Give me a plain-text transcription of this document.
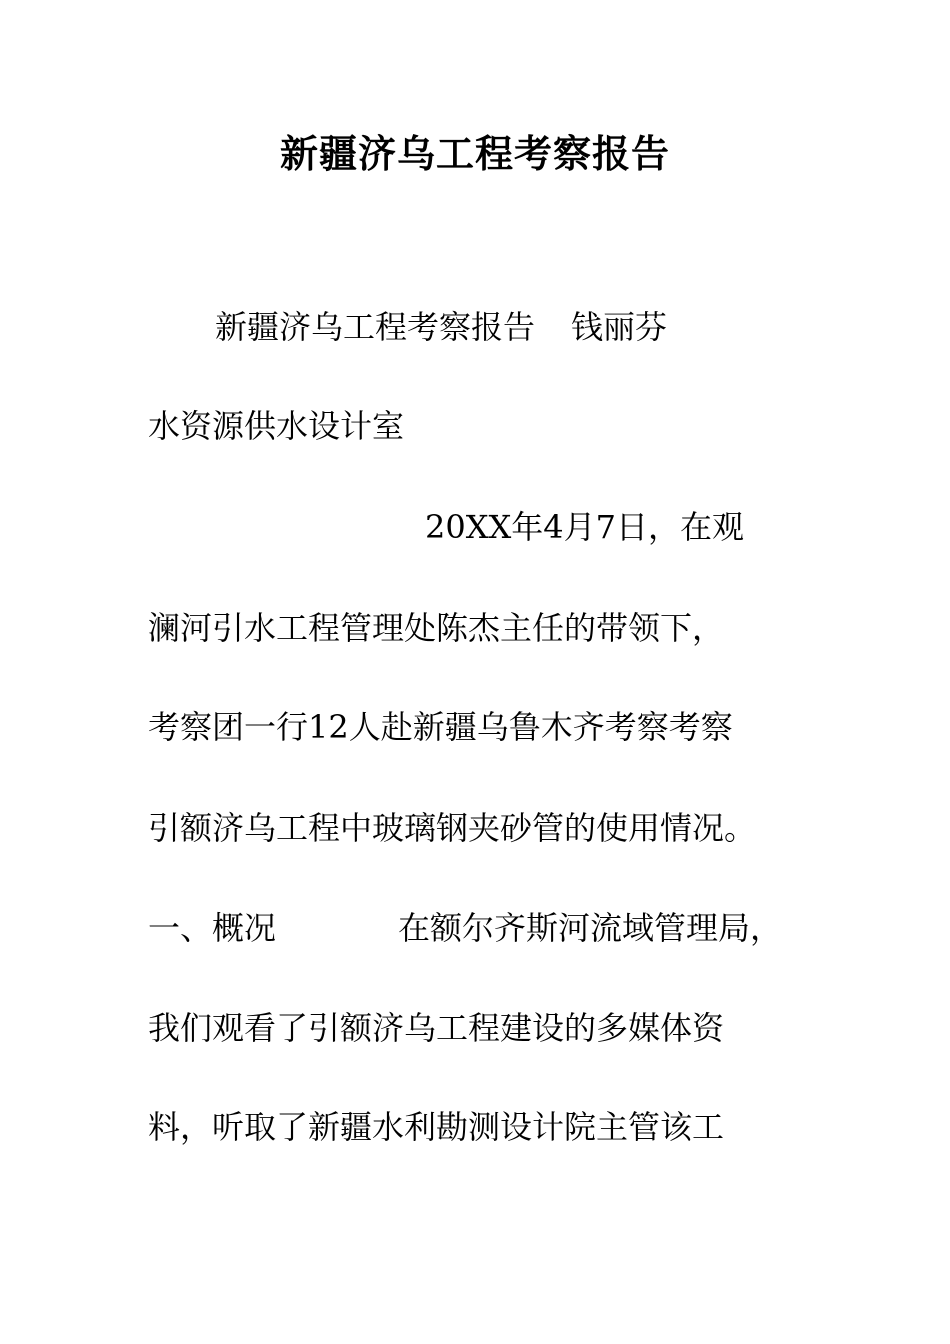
新疆济乌工程考察报告
新疆济乌工程考察报告 钱丽芬
水资源供水设计室
20XX年4月7日，在观
澜河引水工程管理处陈杰主任的带领下，
考察团一行12人赴新疆乌鲁木齐考察考察
引额济乌工程中玻璃钢夹砂管的使用情况。
一、概况	在额尔齐斯河流域管理局，
我们观看了引额济乌工程建设的多媒体资
料，听取了新疆水利勘测设计院主管该工
